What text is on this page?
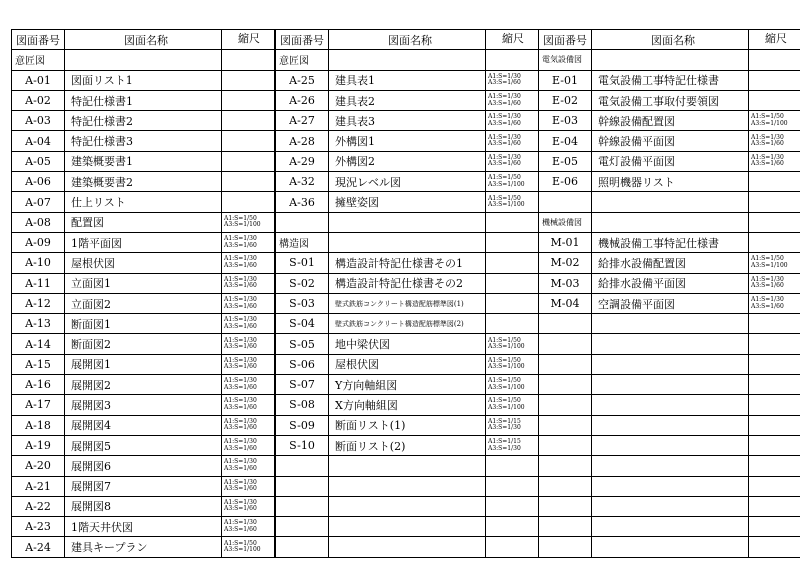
図面番号	図面名称	縮尺
意匠図		
A-01	図面リスト1	

A-02	特記仕様書1	

A-03	特記仕様書2	

A-04	特記仕様書3	

A-05	建築概要書1	

A-06	建築概要書2	

A-07	仕上リスト	

A-08	配置図	A1:S=1/50
A3:S=1/100

A-09	1階平面図	A1:S=1/30
A3:S=1/60

A-10	屋根伏図	A1:S=1/30
A3:S=1/60

A-11	立面図1	A1:S=1/30
A3:S=1/60

A-12	立面図2	A1:S=1/30
A3:S=1/60

A-13	断面図1	A1:S=1/30
A3:S=1/60

A-14	断面図2	A1:S=1/30
A3:S=1/60

A-15	展開図1	A1:S=1/30
A3:S=1/60

A-16	展開図2	A1:S=1/30
A3:S=1/60

A-17	展開図3	A1:S=1/30
A3:S=1/60

A-18	展開図4	A1:S=1/30
A3:S=1/60

A-19	展開図5	A1:S=1/30
A3:S=1/60

A-20	展開図6	A1:S=1/30
A3:S=1/60

A-21	展開図7	A1:S=1/30
A3:S=1/60

A-22	展開図8	A1:S=1/30
A3:S=1/60

A-23	1階天井伏図	A1:S=1/30
A3:S=1/60

A-24	建具キープラン	A1:S=1/50
A3:S=1/100
図面番号	図面名称	縮尺
意匠図		
A-25	建具表1	A1:S=1/30
A3:S=1/60

A-26	建具表2	A1:S=1/30
A3:S=1/60

A-27	建具表3	A1:S=1/30
A3:S=1/60

A-28	外構図1	A1:S=1/30
A3:S=1/60

A-29	外構図2	A1:S=1/30
A3:S=1/60

A-32	現況レベル図	A1:S=1/50
A3:S=1/100

A-36	擁壁姿図	A1:S=1/50
A3:S=1/100

構造図		
S-01	構造設計特記仕様書その1	

S-02	構造設計特記仕様書その2	

S-03	壁式鉄筋コンクリート構造配筋標準図(1)	

S-04	壁式鉄筋コンクリート構造配筋標準図(2)	

S-05	地中梁伏図	A1:S=1/50
A3:S=1/100

S-06	屋根伏図	A1:S=1/50
A3:S=1/100

S-07	Y方向軸組図	A1:S=1/50
A3:S=1/100

S-08	X方向軸組図	A1:S=1/50
A3:S=1/100

S-09	断面リスト(1)	A1:S=1/15
A3:S=1/30

S-10	断面リスト(2)	A1:S=1/15
A3:S=1/30

図面番号	図面名称	縮尺
電気設備図		
E-01	電気設備工事特記仕様書	

E-02	電気設備工事取付要領図	

E-03	幹線設備配置図	A1:S=1/50
A3:S=1/100

E-04	幹線設備平面図	A1:S=1/30
A3:S=1/60

E-05	電灯設備平面図	A1:S=1/30
A3:S=1/60

E-06	照明機器リスト	

機械設備図		
M-01	機械設備工事特記仕様書	

M-02	給排水設備配置図	A1:S=1/50
A3:S=1/100

M-03	給排水設備平面図	A1:S=1/30
A3:S=1/60

M-04	空調設備平面図	A1:S=1/30
A3:S=1/60
